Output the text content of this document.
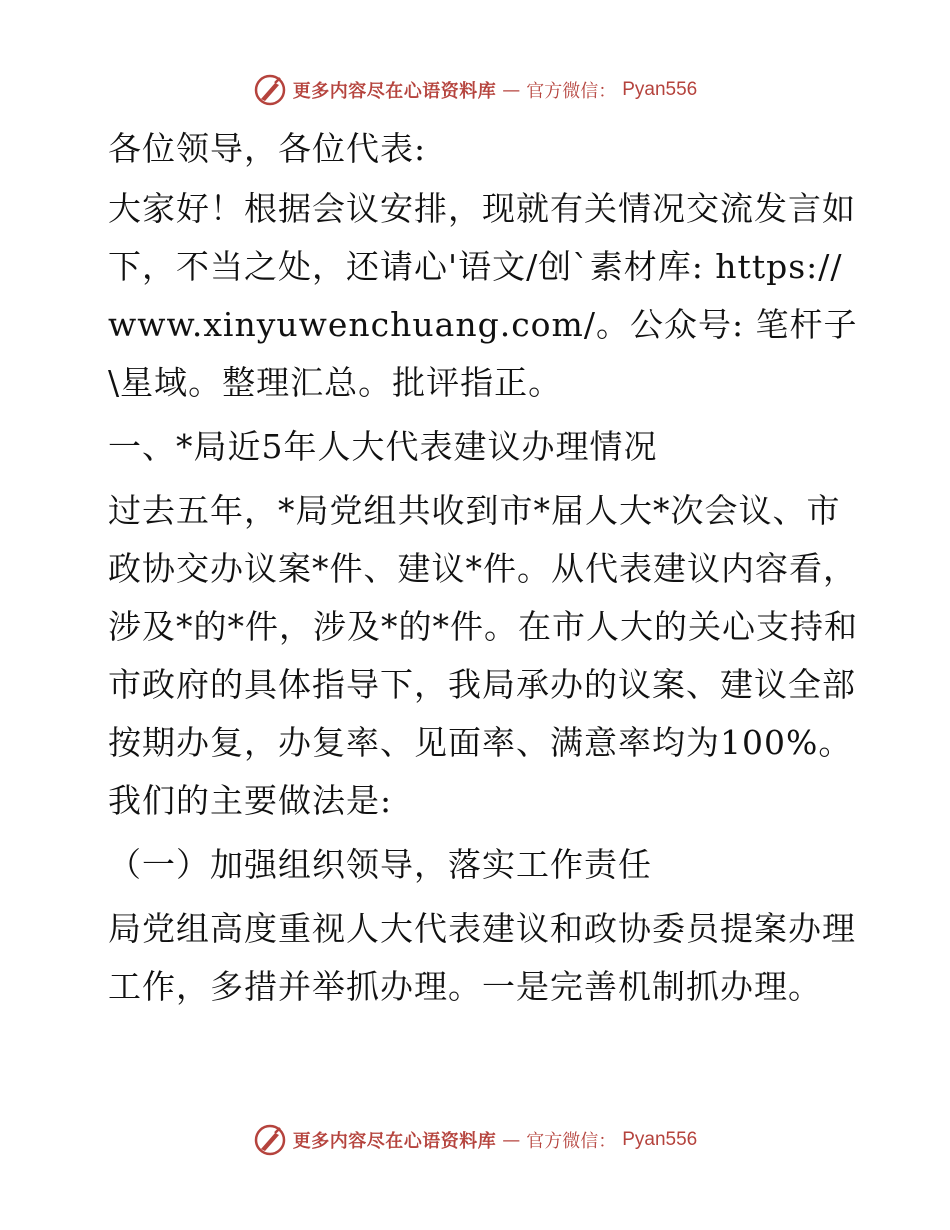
更多内容尽在心语资料库 — 官方微信： Pyan556

各位领导，各位代表:

大家好！根据会议安排，现就有关情况交流发言如下，不当之处，还请心'语文/创`素材库: https://www.xinyuwenchuang.com/。公众号: 笔杆子\星域。整理汇总。批评指正。

一、*局近5年人大代表建议办理情况

过去五年，*局党组共收到市*届人大*次会议、市政协交办议案*件、建议*件。从代表建议内容看，涉及*的*件，涉及*的*件。在市人大的关心支持和市政府的具体指导下，我局承办的议案、建议全部按期办复，办复率、见面率、满意率均为100%。我们的主要做法是:

（一）加强组织领导，落实工作责任

局党组高度重视人大代表建议和政协委员提案办理工作，多措并举抓办理。一是完善机制抓办理。

更多内容尽在心语资料库 — 官方微信： Pyan556
